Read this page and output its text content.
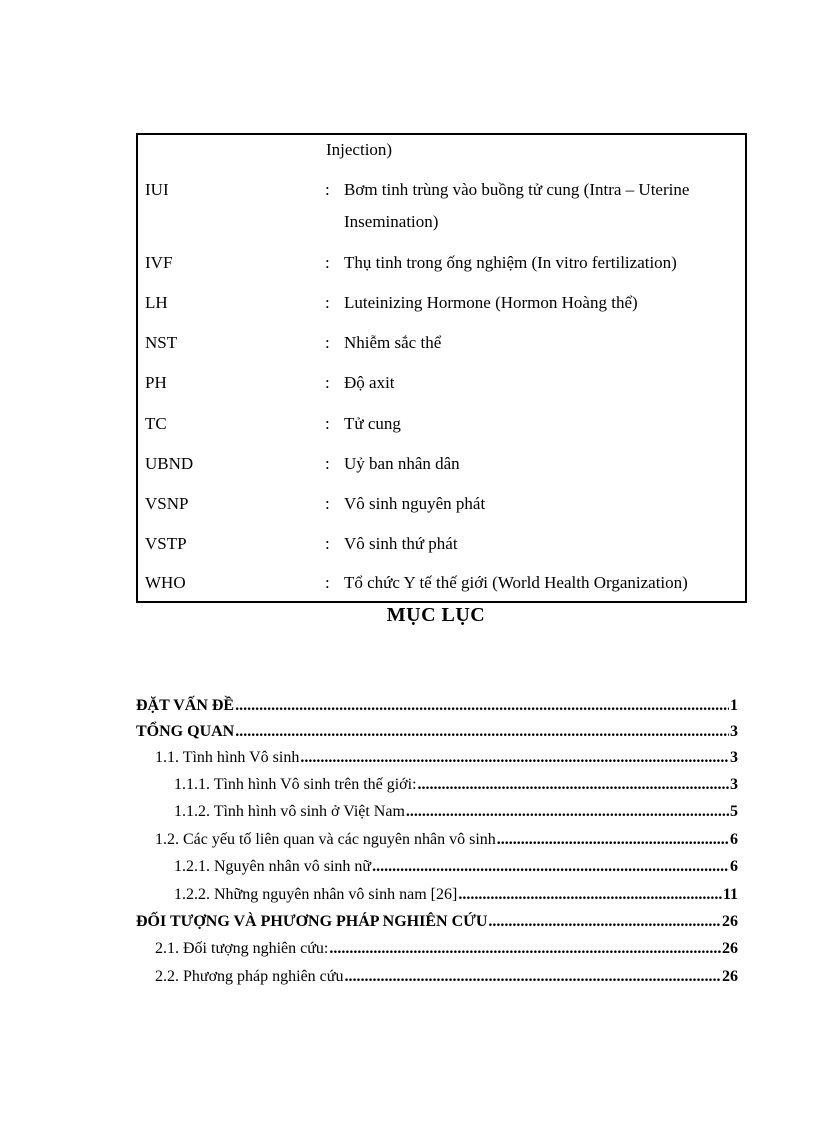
Injection)
IUI	: Bơm tinh trùng vào buồng tử cung (Intra – Uterine Insemination)
IVF	: Thụ tinh trong ống nghiệm (In vitro fertilization)
LH	: Luteinizing Hormone (Hormon Hoàng thể)
NST	: Nhiễm sắc thể
PH	: Độ axit
TC	: Tử cung
UBND	: Uỷ ban nhân dân
VSNP	: Vô sinh nguyên phát
VSTP	: Vô sinh thứ phát
WHO	: Tổ chức Y tế thế giới (World Health Organization)
MỤC LỤC
ĐẶT VẤN ĐỀ .....	1
TỔNG QUAN .....	3
1.1. Tình hình Vô sinh .....	3
1.1.1. Tình hình Vô sinh trên thế giới: .....	3
1.1.2. Tình hình vô sinh ở Việt Nam .....	5
1.2. Các yếu tố liên quan và các nguyên nhân vô sinh .....	6
1.2.1. Nguyên nhân vô sinh nữ .....	6
1.2.2. Những nguyên nhân vô sinh nam [26] .....	11
ĐỐI TƯỢNG VÀ PHƯƠNG PHÁP NGHIÊN CỨU .....	26
2.1. Đối tượng nghiên cứu: .....	26
2.2. Phương pháp nghiên cứu .....	26
